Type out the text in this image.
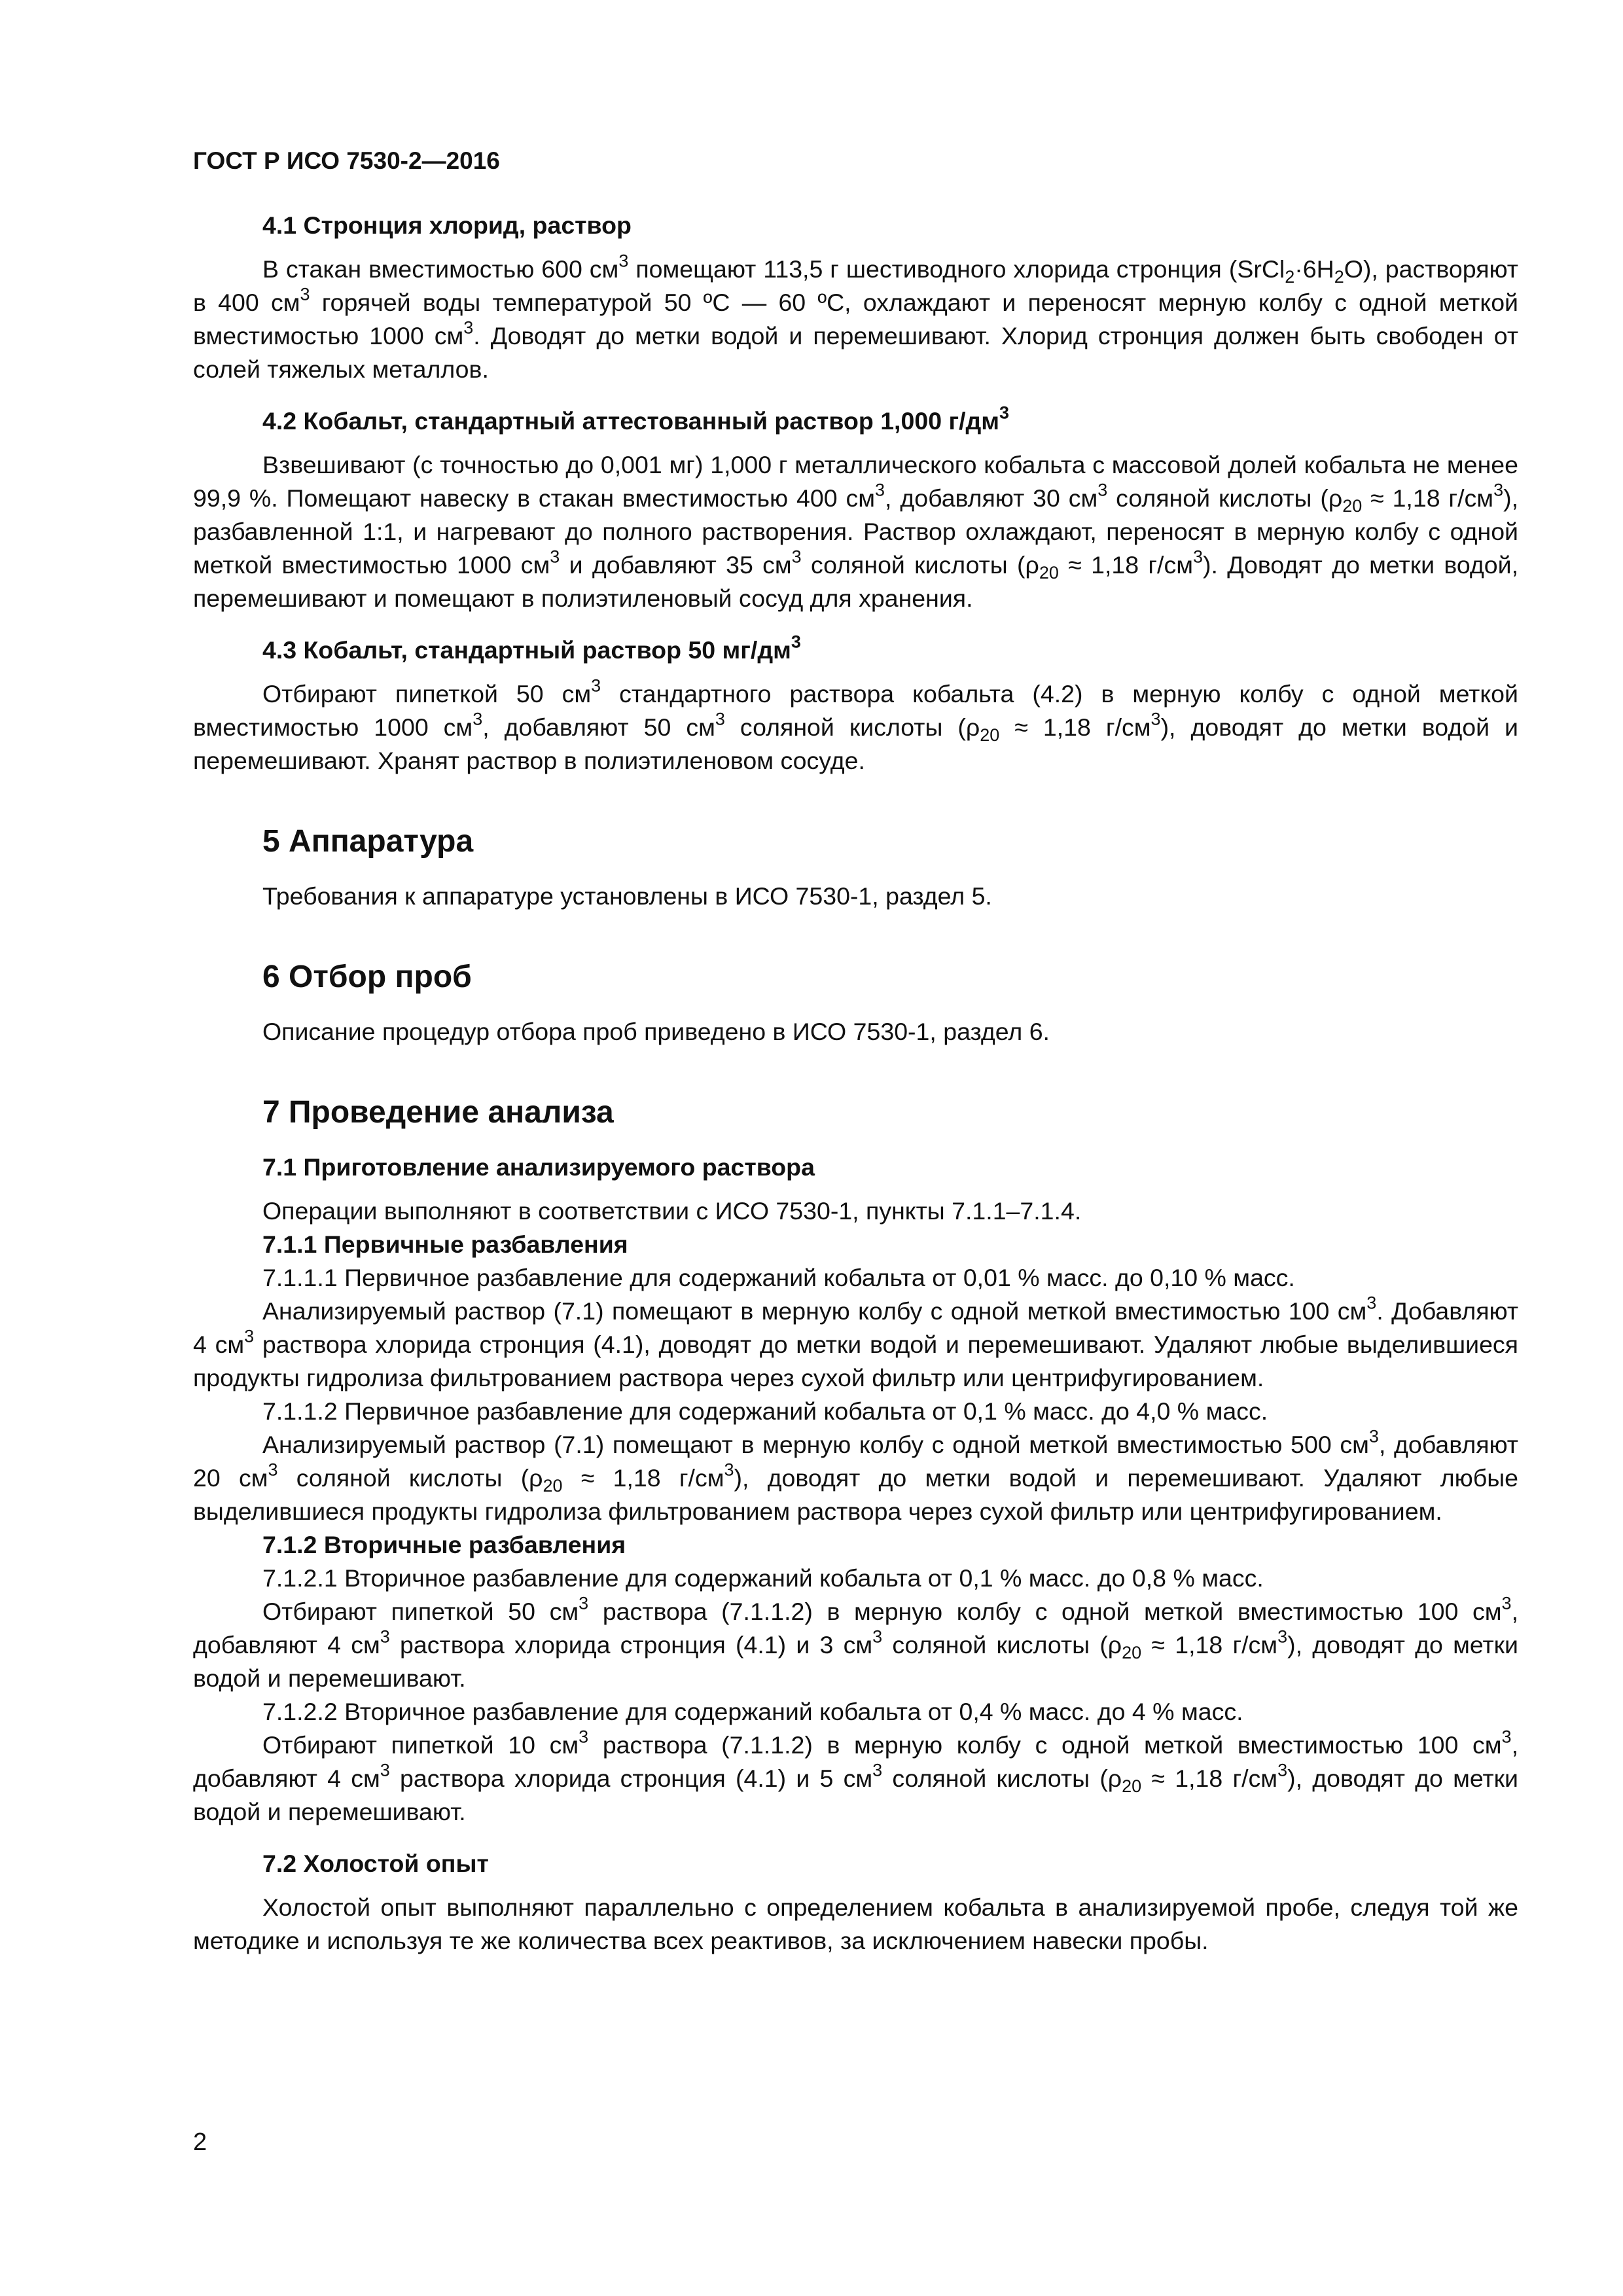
ГОСТ Р ИСО 7530-2—2016
4.1 Стронция хлорид, раствор

В стакан вместимостью 600 $см^3$ помещают 113,5 г шестиводного хлорида стронция $(SrCl_2\cdot 6H_2O)$, растворяют в 400 $см^3$ горячей воды температурой 50 ºС — 60 ºС, охлаждают и переносят мерную колбу с одной меткой вместимостью 1000 $см^3$. Доводят до метки водой и перемешивают. Хлорид стронция должен быть свободен от солей тяжелых металлов.

4.2 Кобальт, стандартный аттестованный раствор 1,000 $г/дм^3$

Взвешивают (с точностью до 0,001 мг) 1,000 г металлического кобальта с массовой долей кобальта не менее 99,9 %. Помещают навеску в стакан вместимостью 400 $см^3$, добавляют 30 $см^3$ соляной кислоты ($\rho_{20} \approx 1,18$ $г/см^3$), разбавленной 1:1, и нагревают до полного растворения. Раствор охлаждают, переносят в мерную колбу с одной меткой вместимостью 1000 $см^3$ и добавляют 35 $см^3$ соляной кислоты ($\rho_{20} \approx 1,18$ $г/см^3$). Доводят до метки водой, перемешивают и помещают в полиэтиленовый сосуд для хранения.

4.3 Кобальт, стандартный раствор 50 $мг/дм^3$

Отбирают пипеткой 50 $см^3$ стандартного раствора кобальта (4.2) в мерную колбу с одной меткой вместимостью 1000 $см^3$, добавляют 50 $см^3$ соляной кислоты ($\rho_{20} \approx 1,18$ $г/см^3$), доводят до метки водой и перемешивают. Хранят раствор в полиэтиленовом сосуде.

5 Аппаратура

Требования к аппаратуре установлены в ИСО 7530-1, раздел 5.

6 Отбор проб

Описание процедур отбора проб приведено в ИСО 7530-1, раздел 6.

7 Проведение анализа
7.1 Приготовление анализируемого раствора

Операции выполняют в соответствии с ИСО 7530-1, пункты 7.1.1–7.1.4.

7.1.1 Первичные разбавления

7.1.1.1 Первичное разбавление для содержаний кобальта от 0,01 % масс. до 0,10 % масс.

Анализируемый раствор (7.1) помещают в мерную колбу с одной меткой вместимостью 100 $см^3$. Добавляют 4 $см^3$ раствора хлорида стронция (4.1), доводят до метки водой и перемешивают. Удаляют любые выделившиеся продукты гидролиза фильтрованием раствора через сухой фильтр или центрифугированием.

7.1.1.2 Первичное разбавление для содержаний кобальта от 0,1 % масс. до 4,0 % масс.

Анализируемый раствор (7.1) помещают в мерную колбу с одной меткой вместимостью 500 $см^3$, добавляют 20 $см^3$ соляной кислоты ($\rho_{20} \approx 1,18$ $г/см^3$), доводят до метки водой и перемешивают. Удаляют любые выделившиеся продукты гидролиза фильтрованием раствора через сухой фильтр или центрифугированием.

7.1.2 Вторичные разбавления

7.1.2.1 Вторичное разбавление для содержаний кобальта от 0,1 % масс. до 0,8 % масс.

Отбирают пипеткой 50 $см^3$ раствора (7.1.1.2) в мерную колбу с одной меткой вместимостью 100 $см^3$, добавляют 4 $см^3$ раствора хлорида стронция (4.1) и 3 $см^3$ соляной кислоты ($\rho_{20} \approx 1,18$ $г/см^3$), доводят до метки водой и перемешивают.

7.1.2.2 Вторичное разбавление для содержаний кобальта от 0,4 % масс. до 4 % масс.

Отбирают пипеткой 10 $см^3$ раствора (7.1.1.2) в мерную колбу с одной меткой вместимостью 100 $см^3$, добавляют 4 $см^3$ раствора хлорида стронция (4.1) и 5 $см^3$ соляной кислоты ($\rho_{20} \approx 1,18$ $г/см^3$), доводят до метки водой и перемешивают.

7.2 Холостой опыт

Холостой опыт выполняют параллельно с определением кобальта в анализируемой пробе, следуя той же методике и используя те же количества всех реактивов, за исключением навески пробы.

2
